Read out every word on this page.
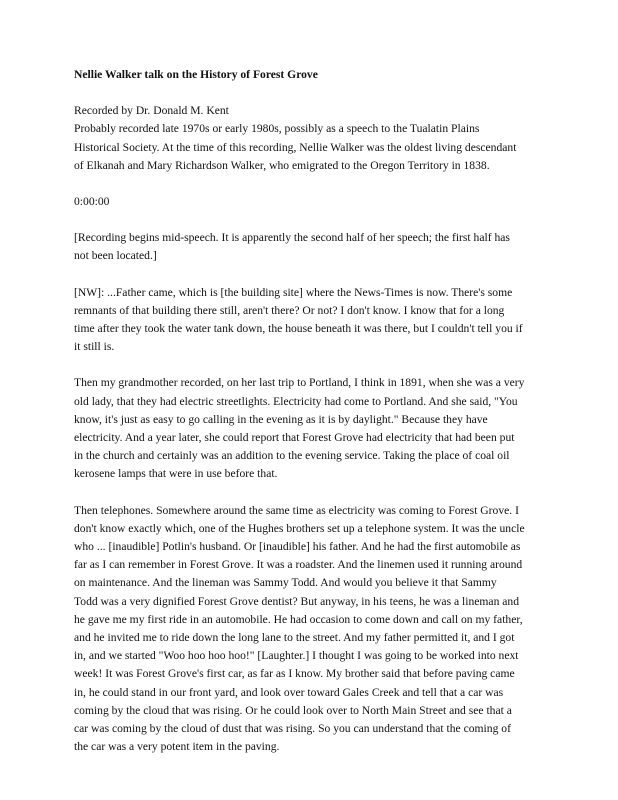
Nellie Walker talk on the History of Forest Grove
Recorded by Dr. Donald M. Kent
Probably recorded late 1970s or early 1980s, possibly as a speech to the Tualatin Plains
Historical Society. At the time of this recording, Nellie Walker was the oldest living descendant
of Elkanah and Mary Richardson Walker, who emigrated to the Oregon Territory in 1838.
0:00:00
[Recording begins mid-speech. It is apparently the second half of her speech; the first half has
not been located.]
[NW]: ...Father came, which is [the building site] where the News-Times is now. There's some
remnants of that building there still, aren't there? Or not? I don't know. I know that for a long
time after they took the water tank down, the house beneath it was there, but I couldn't tell you if
it still is.
Then my grandmother recorded, on her last trip to Portland, I think in 1891, when she was a very
old lady, that they had electric streetlights. Electricity had come to Portland. And she said, "You
know, it's just as easy to go calling in the evening as it is by daylight." Because they have
electricity. And a year later, she could report that Forest Grove had electricity that had been put
in the church and certainly was an addition to the evening service. Taking the place of coal oil
kerosene lamps that were in use before that.
Then telephones. Somewhere around the same time as electricity was coming to Forest Grove. I
don't know exactly which, one of the Hughes brothers set up a telephone system. It was the uncle
who ... [inaudible] Potlin's husband. Or [inaudible] his father. And he had the first automobile as
far as I can remember in Forest Grove. It was a roadster. And the linemen used it running around
on maintenance. And the lineman was Sammy Todd. And would you believe it that Sammy
Todd was a very dignified Forest Grove dentist? But anyway, in his teens, he was a lineman and
he gave me my first ride in an automobile. He had occasion to come down and call on my father,
and he invited me to ride down the long lane to the street. And my father permitted it, and I got
in, and we started "Woo hoo hoo hoo!" [Laughter.] I thought I was going to be worked into next
week! It was Forest Grove's first car, as far as I know. My brother said that before paving came
in, he could stand in our front yard, and look over toward Gales Creek and tell that a car was
coming by the cloud that was rising. Or he could look over to North Main Street and see that a
car was coming by the cloud of dust that was rising. So you can understand that the coming of
the car was a very potent item in the paving.
